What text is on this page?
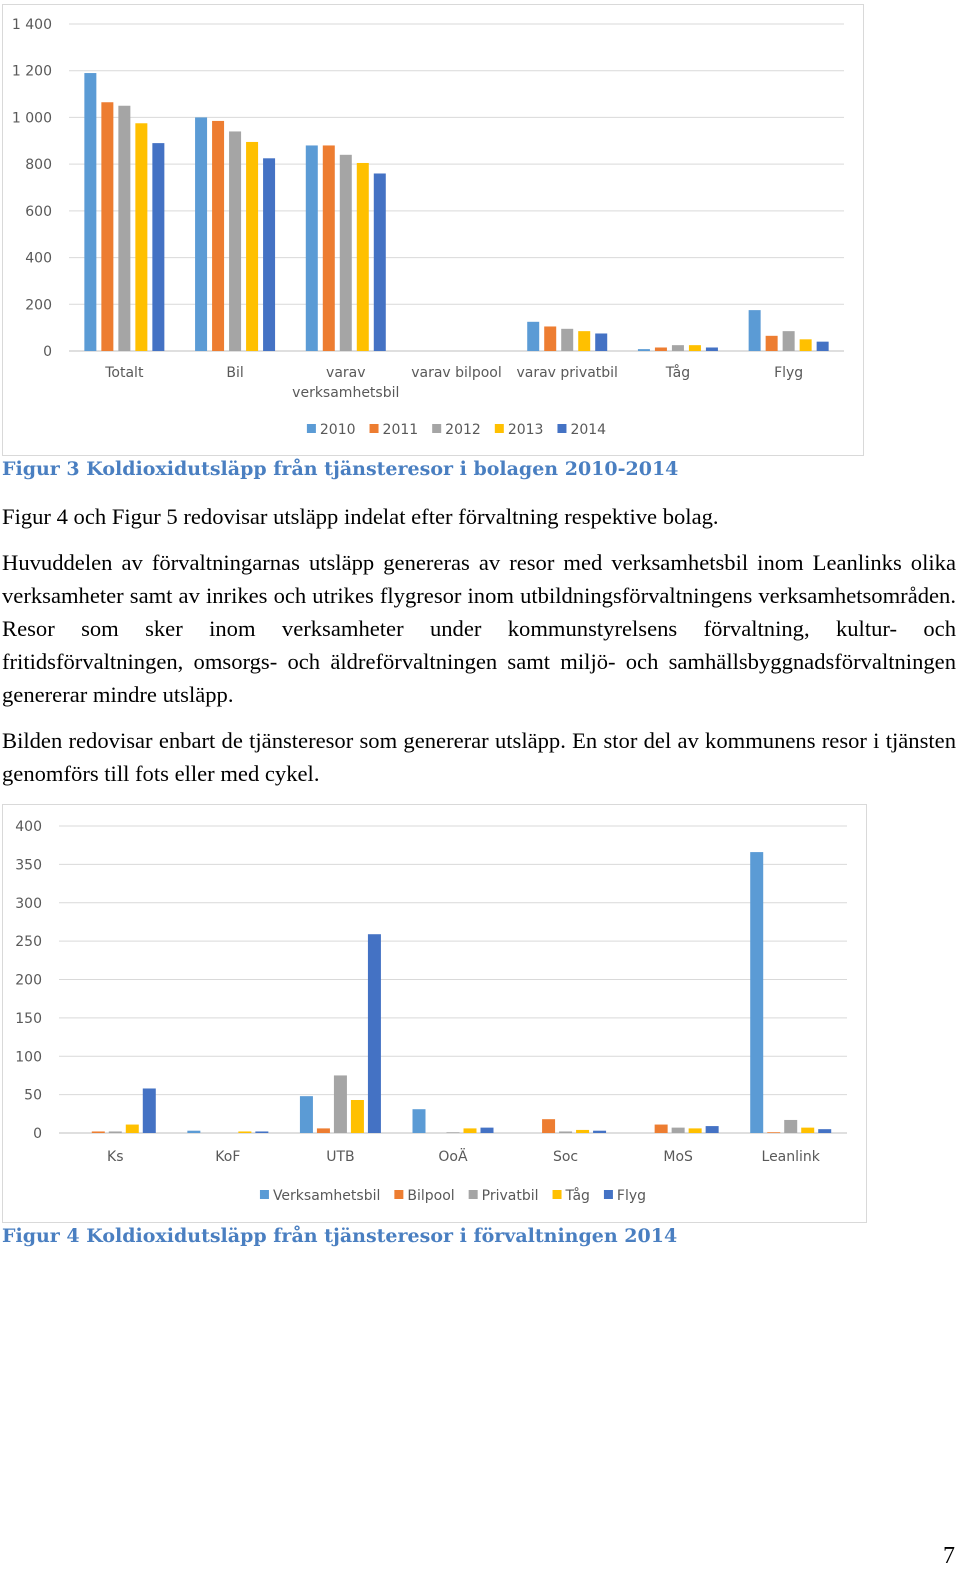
0
200
400
600
800
1 000
1 200
1 400
Totalt	Bil	varav verksamhetsbil
varav bilpool varav privatbil	Tåg	Flyg
2010 2011 2012 2013 2014
Figur 3 Koldioxidutsläpp från tjänsteresor i bolagen 2010-2014

Figur 4 och Figur 5 redovisar utsläpp indelat efter förvaltning respektive bolag.

Huvuddelen av förvaltningarnas utsläpp genereras av resor med verksamhetsbil inom Leanlinks olika verksamheter samt av inrikes och utrikes flygresor inom utbildningsförvaltningens verksamhetsområden. Resor som sker inom verksamheter under kommunstyrelsens förvaltning, kultur- och fritidsförvaltningen, omsorgs- och äldreförvaltningen samt miljö- och samhällsbyggnadsförvaltningen genererar mindre utsläpp.

Bilden redovisar enbart de tjänsteresor som genererar utsläpp. En stor del av kommunens resor i tjänsten genomförs till fots eller med cykel.

0
50
100
150
200
250
300
350
400
Ks	KoF	UTB	OoÄ	Soc	MoS	Leanlink
Verksamhetsbil Bilpool Privatbil Tåg Flyg
Figur 4 Koldioxidutsläpp från tjänsteresor i förvaltningen 2014
7
